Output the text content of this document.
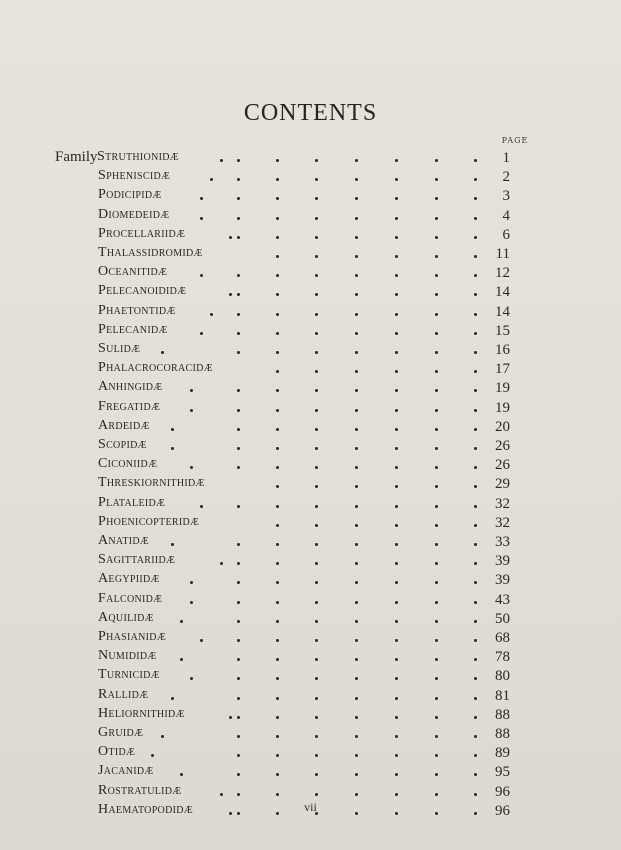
CONTENTS
PAGE
Family Struthionidæ	1
Spheniscidæ	2
Podicipidæ	3
Diomedeidæ	4
Procellariidæ	6
Thalassidromidæ	11
Oceanitidæ	12
Pelecanoididæ	14
Phaetontidæ	14
Pelecanidæ	15
Sulidæ	16
Phalacrocoracidæ	17
Anhingidæ	19
Fregatidæ	19
Ardeidæ	20
Scopidæ	26
Ciconiidæ	26
Threskiornithidæ	29
Plataleidæ	32
Phoenicopteridæ	32
Anatidæ	33
Sagittariidæ	39
Aegypiidæ	39
Falconidæ	43
Aquilidæ	50
Phasianidæ	68
Numididæ	78
Turnicidæ	80
Rallidæ	81
Heliornithidæ	88
Gruidæ	88
Otidæ	89
Jacanidæ	95
Rostratulidæ	96
Haematopodidæ	96
vii
